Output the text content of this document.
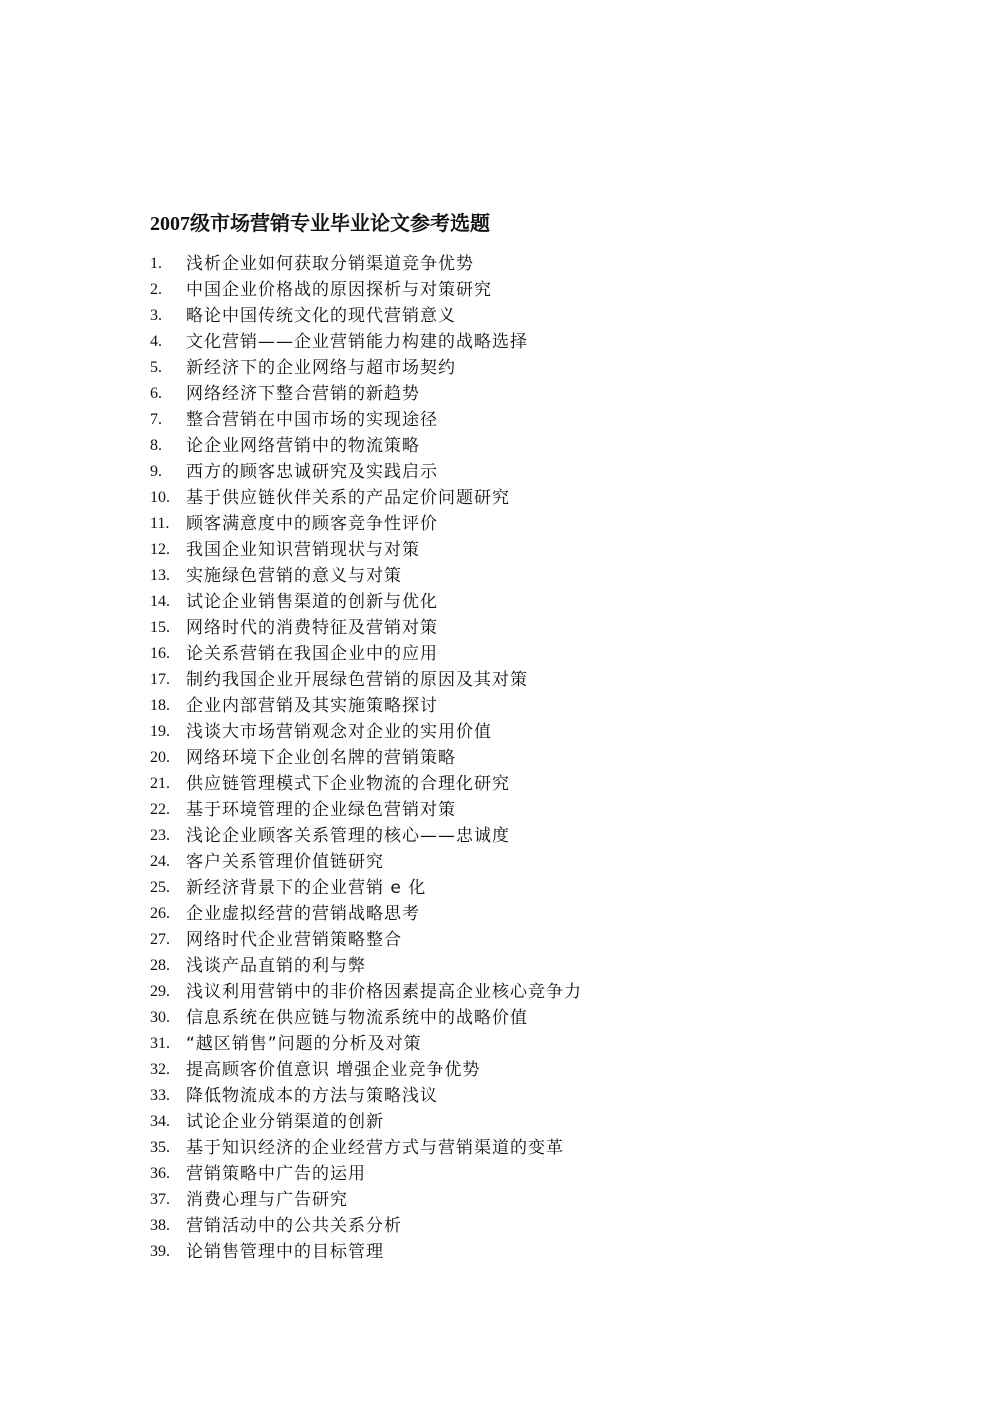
2007级市场营销专业毕业论文参考选题
1.	浅析企业如何获取分销渠道竞争优势
2.	中国企业价格战的原因探析与对策研究
3.	略论中国传统文化的现代营销意义
4.	文化营销——企业营销能力构建的战略选择
5.	新经济下的企业网络与超市场契约
6.	网络经济下整合营销的新趋势
7.	整合营销在中国市场的实现途径
8.	论企业网络营销中的物流策略
9.	西方的顾客忠诚研究及实践启示
10. 基于供应链伙伴关系的产品定价问题研究
11. 顾客满意度中的顾客竞争性评价
12. 我国企业知识营销现状与对策
13. 实施绿色营销的意义与对策
14. 试论企业销售渠道的创新与优化
15. 网络时代的消费特征及营销对策
16. 论关系营销在我国企业中的应用
17. 制约我国企业开展绿色营销的原因及其对策
18. 企业内部营销及其实施策略探讨
19. 浅谈大市场营销观念对企业的实用价值
20. 网络环境下企业创名牌的营销策略
21. 供应链管理模式下企业物流的合理化研究
22. 基于环境管理的企业绿色营销对策
23. 浅论企业顾客关系管理的核心——忠诚度
24. 客户关系管理价值链研究
25. 新经济背景下的企业营销 e 化
26. 企业虚拟经营的营销战略思考
27. 网络时代企业营销策略整合
28. 浅谈产品直销的利与弊
29. 浅议利用营销中的非价格因素提高企业核心竞争力
30. 信息系统在供应链与物流系统中的战略价值
31. “越区销售”问题的分析及对策
32. 提高顾客价值意识 增强企业竞争优势
33. 降低物流成本的方法与策略浅议
34. 试论企业分销渠道的创新
35. 基于知识经济的企业经营方式与营销渠道的变革
36. 营销策略中广告的运用
37. 消费心理与广告研究
38. 营销活动中的公共关系分析
39. 论销售管理中的目标管理
